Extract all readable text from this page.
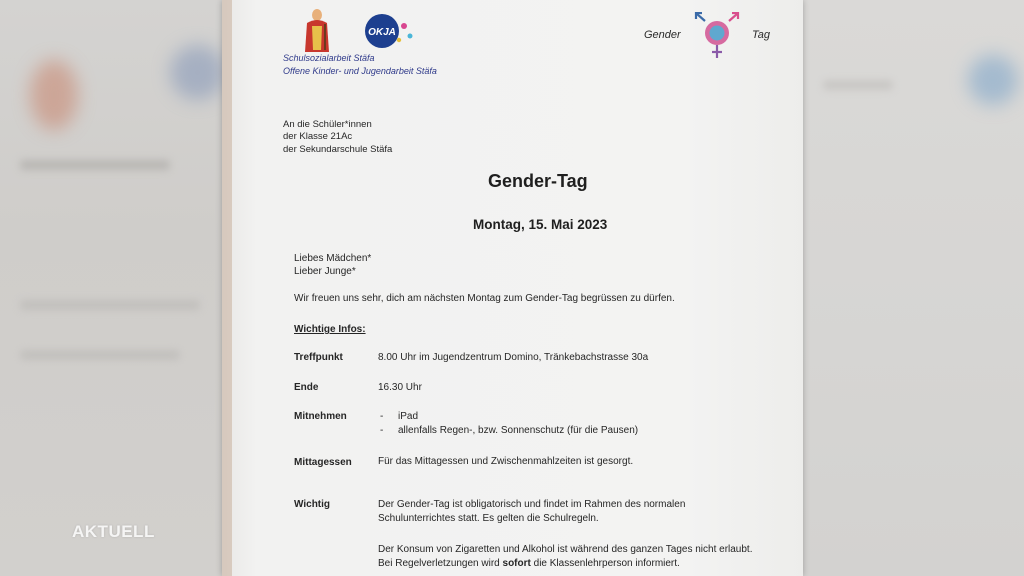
OKJA
Schulsozialarbeit Stäfa
Offene Kinder- und Jugendarbeit Stäfa
Gender	Tag
An die Schüler*innen
der Klasse 21Ac
der Sekundarschule Stäfa
Gender-Tag
Montag, 15. Mai 2023
Liebes Mädchen*
Lieber Junge*
Wir freuen uns sehr, dich am nächsten Montag zum Gender-Tag begrüssen zu dürfen.
Wichtige Infos:
Treffpunkt	8.00 Uhr im Jugendzentrum Domino, Tränkebachstrasse 30a
Ende	16.30 Uhr
Mitnehmen	- iPad
- allenfalls Regen-, bzw. Sonnenschutz (für die Pausen)
Mittagessen	Für das Mittagessen und Zwischenmahlzeiten ist gesorgt.
Wichtig	Der Gender-Tag ist obligatorisch und findet im Rahmen des normalen
Schulunterrichtes statt. Es gelten die Schulregeln.
Der Konsum von Zigaretten und Alkohol ist während des ganzen Tages nicht erlaubt.
Bei Regelverletzungen wird sofort die Klassenlehrperson informiert.
AKTUELL
